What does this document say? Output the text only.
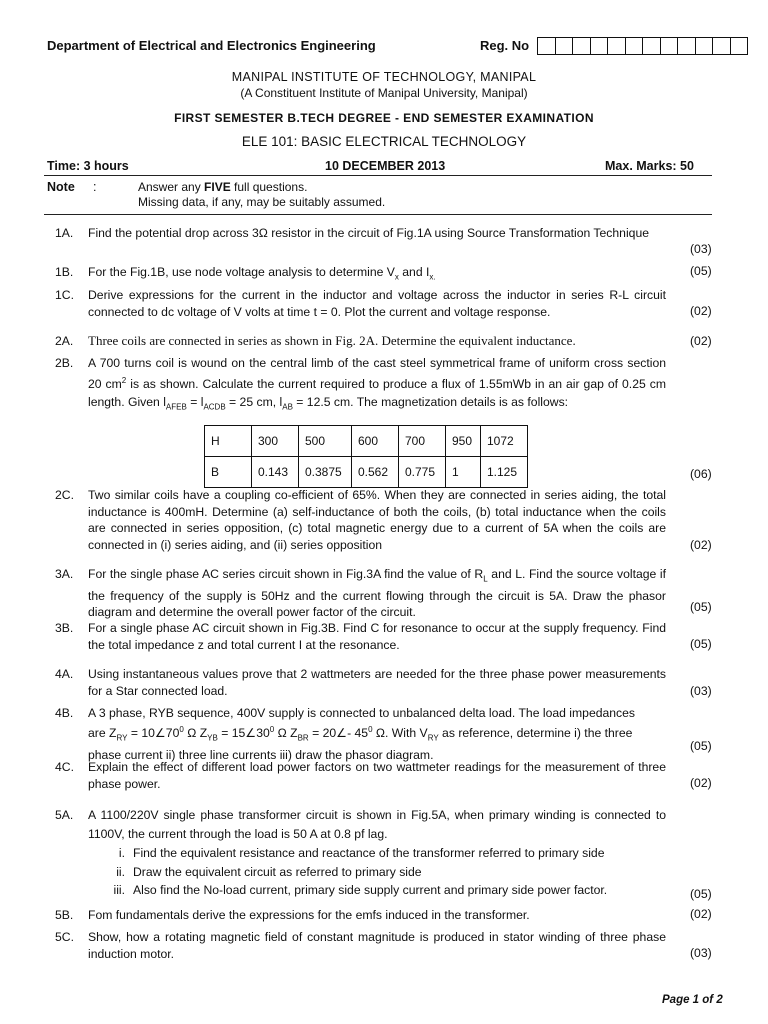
Department of Electrical and Electronics Engineering	Reg. No
MANIPAL INSTITUTE OF TECHNOLOGY, MANIPAL
(A Constituent Institute of Manipal University, Manipal)
FIRST SEMESTER B.TECH DEGREE - END SEMESTER EXAMINATION
ELE 101: BASIC ELECTRICAL TECHNOLOGY
Time: 3 hours	10 DECEMBER 2013	Max. Marks: 50
Note :	Answer any FIVE full questions.
Missing data, if any, may be suitably assumed.
1A.	Find the potential drop across 3Ω resistor in the circuit of Fig.1A using Source Transformation Technique
(03)
1B.	For the Fig.1B, use node voltage analysis to determine $V_x$ and $I_{x.}$	(05)
1C.	Derive expressions for the current in the inductor and voltage across the inductor in series R-L circuit connected to dc voltage of V volts at time t = 0. Plot the current and voltage response.	(02)
2A.	Three coils are connected in series as shown in Fig. 2A. Determine the equivalent inductance.	(02)
2B.	A 700 turns coil is wound on the central limb of the cast steel symmetrical frame of uniform cross section 20 $cm^2$ is as shown. Calculate the current required to produce a flux of 1.55mWb in an air gap of 0.25 cm length. Given $l_{AFEB} = l_{ACDB} = 25$ cm, $l_{AB} = 12.5$ cm. The magnetization details is as follows:
H	300	500	600	700	950	1072
B	0.143	0.3875	0.562	0.775	1	1.125	(06)
2C.	Two similar coils have a coupling co-efficient of 65%. When they are connected in series aiding, the total inductance is 400mH. Determine (a) self-inductance of both the coils, (b) total inductance when the coils are connected in series opposition, (c) total magnetic energy due to a current of 5A when the coils are connected in (i) series aiding, and (ii) series opposition	(02)
3A.	For the single phase AC series circuit shown in Fig.3A find the value of $R_L$ and L. Find the source voltage if the frequency of the supply is 50Hz and the current flowing through the circuit is 5A. Draw the phasor diagram and determine the overall power factor of the circuit.	(05)
3B.	For a single phase AC circuit shown in Fig.3B. Find C for resonance to occur at the supply frequency. Find the total impedance z and total current I at the resonance.	(05)
4A.	Using instantaneous values prove that 2 wattmeters are needed for the three phase power measurements for a Star connected load.	(03)
4B.	A 3 phase, RYB sequence, 400V supply is connected to unbalanced delta load. The load impedances
are $Z_{RY}$ = $10\angle 70^0$ Ω $Z_{YB}$ = $15\angle 30^0$ Ω $Z_{BR}$ = 20∠- $45^0$ Ω. With $V_{RY}$ as reference, determine i) the three
phase current ii) three line currents iii) draw the phasor diagram.
(05)
4C.	Explain the effect of different load power factors on two wattmeter readings for the measurement of three phase power.	(02)
5A.	A 1100/220V single phase transformer circuit is shown in Fig.5A, when primary winding is connected to 1100V, the current through the load is 50 A at 0.8 pf lag.
i. Find the equivalent resistance and reactance of the transformer referred to primary side
ii. Draw the equivalent circuit as referred to primary side
iii. Also find the No-load current, primary side supply current and primary side power factor.	(05)
5B.	Fom fundamentals derive the expressions for the emfs induced in the transformer.	(02)
5C.	Show, how a rotating magnetic field of constant magnitude is produced in stator winding of three phase induction motor.	(03)
Page 1 of 2
